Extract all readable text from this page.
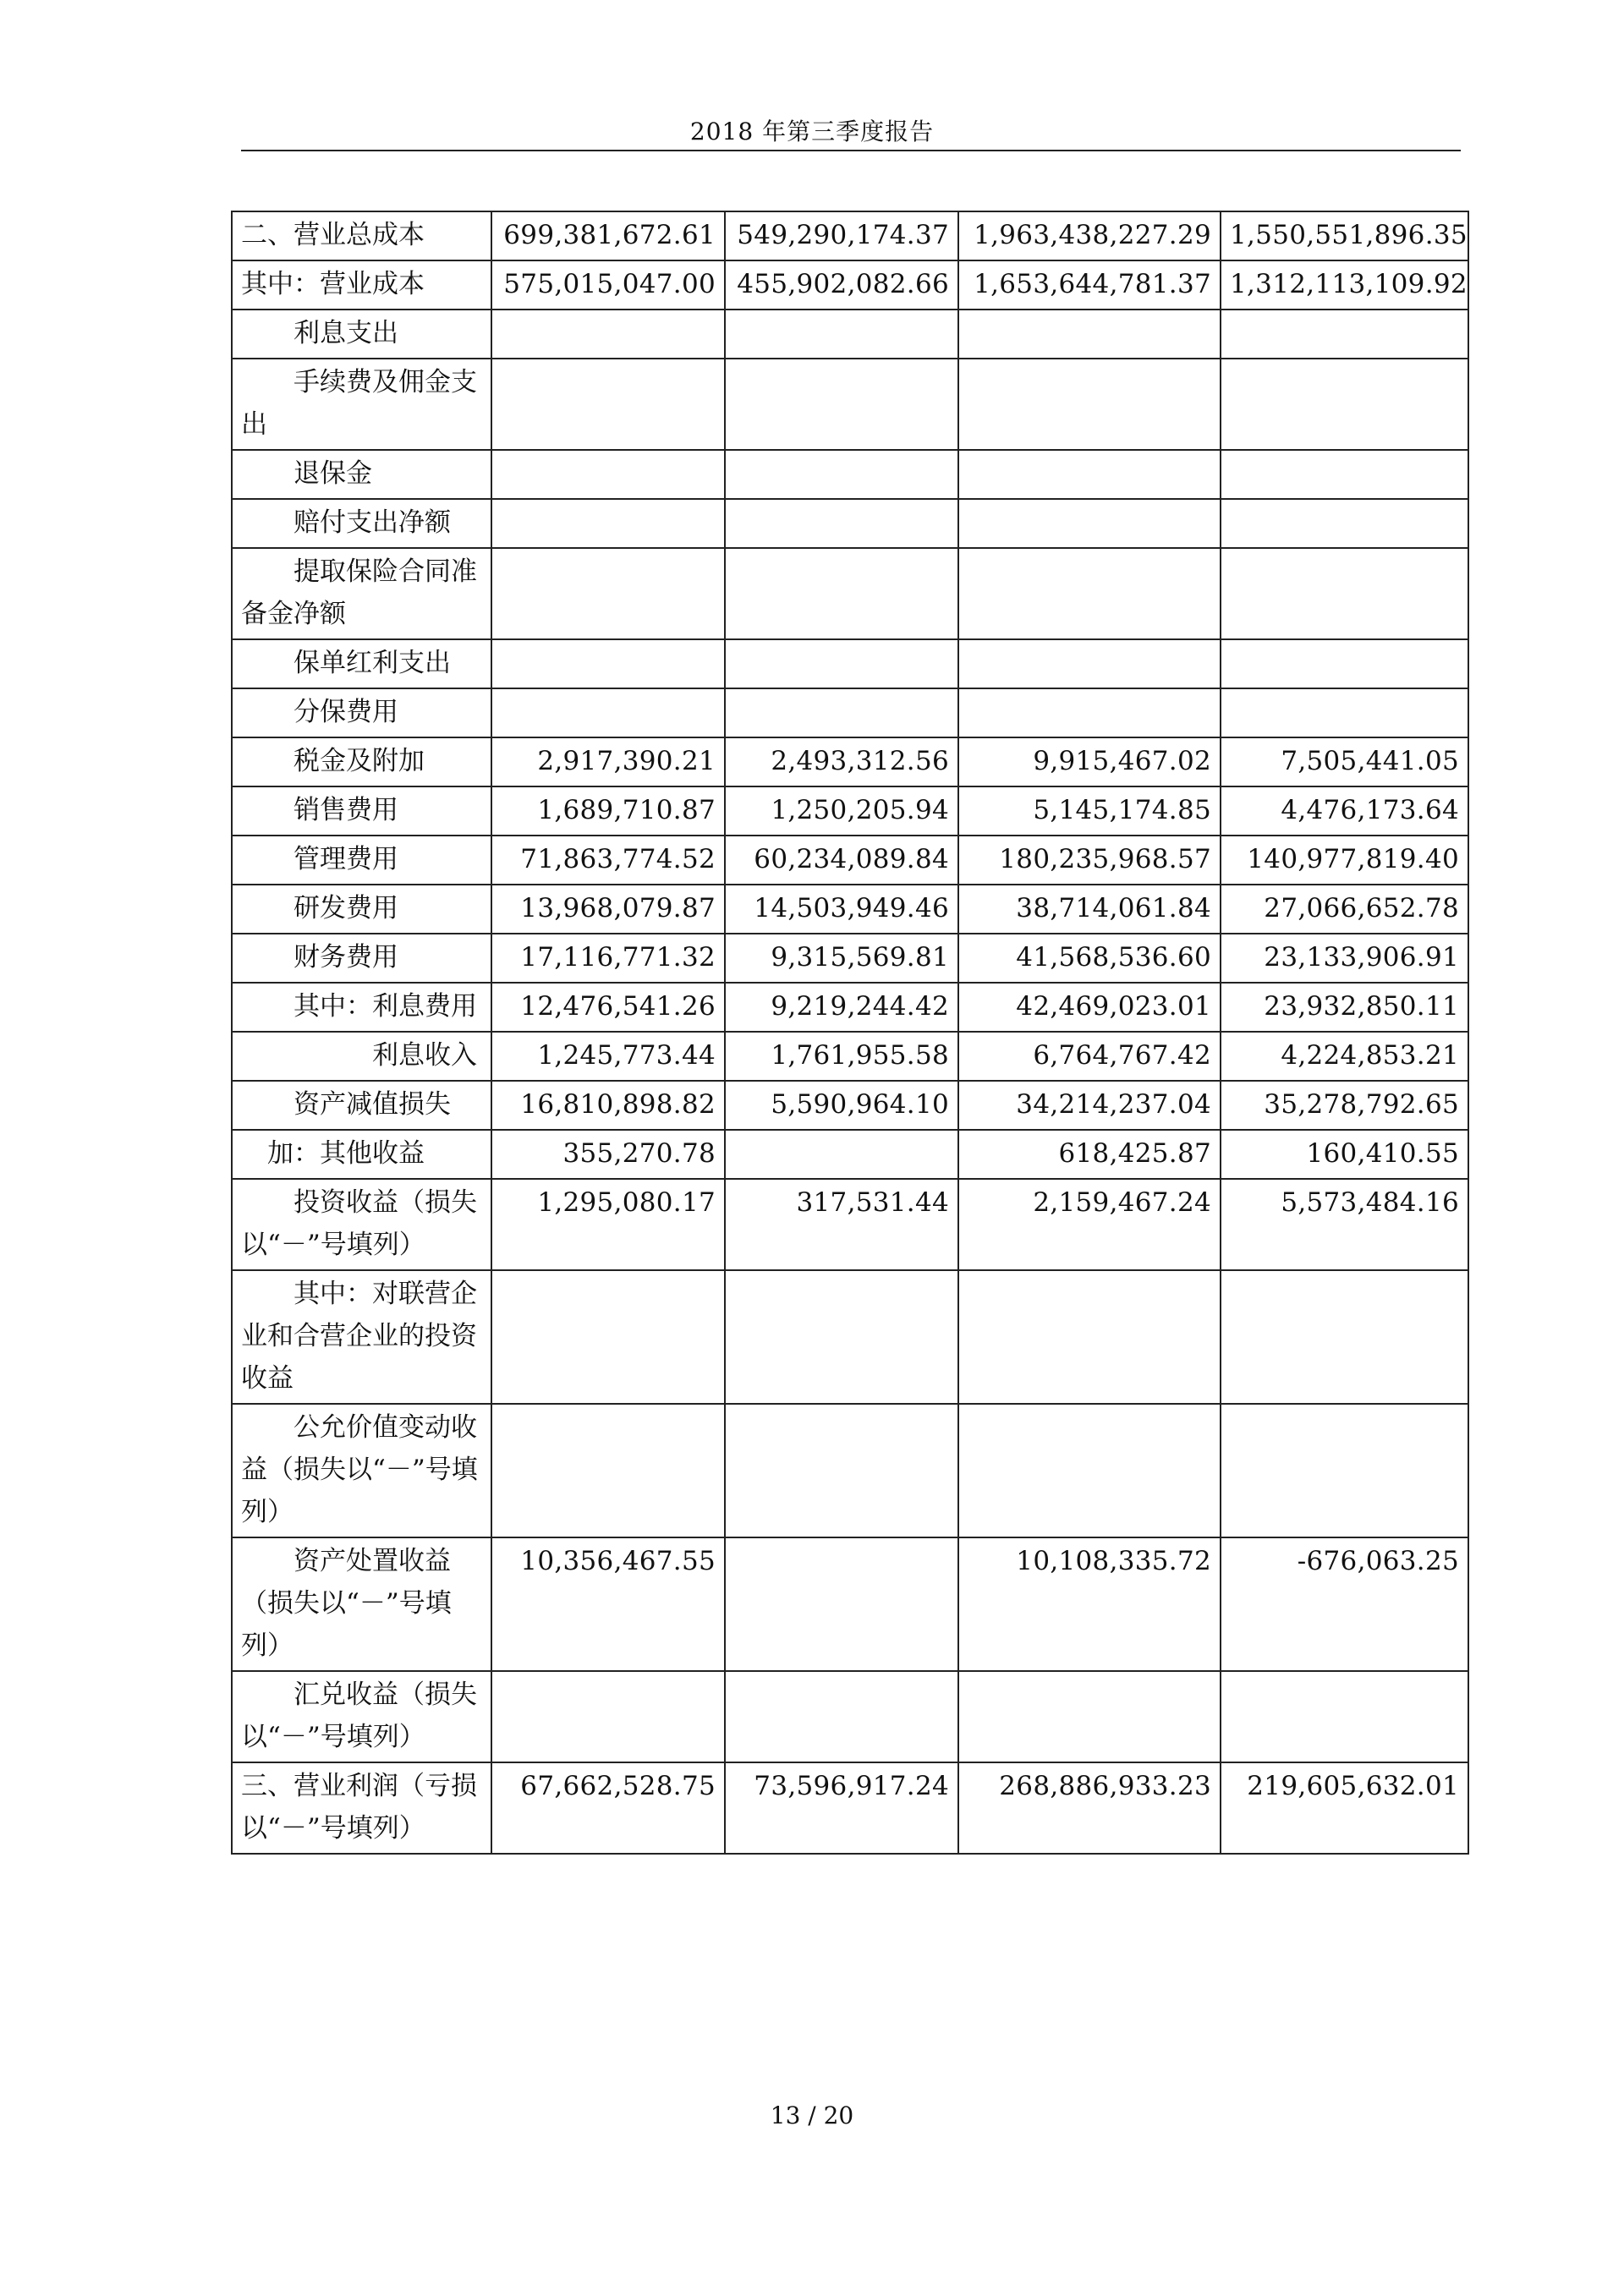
2018 年第三季度报告
二、营业总成本	699,381,672.61	549,290,174.37	1,963,438,227.29	1,550,551,896.35
其中：营业成本	575,015,047.00	455,902,082.66	1,653,644,781.37	1,312,113,109.92
　　利息支出				
　　手续费及佣金支出				
　　退保金				
　　赔付支出净额				
　　提取保险合同准备金净额				
　　保单红利支出				
　　分保费用				
　　税金及附加	2,917,390.21	2,493,312.56	9,915,467.02	7,505,441.05
　　销售费用	1,689,710.87	1,250,205.94	5,145,174.85	4,476,173.64
　　管理费用	71,863,774.52	60,234,089.84	180,235,968.57	140,977,819.40
　　研发费用	13,968,079.87	14,503,949.46	38,714,061.84	27,066,652.78
　　财务费用	17,116,771.32	9,315,569.81	41,568,536.60	23,133,906.91
　　其中：利息费用	12,476,541.26	9,219,244.42	42,469,023.01	23,932,850.11
　　　　　利息收入	1,245,773.44	1,761,955.58	6,764,767.42	4,224,853.21
　　资产减值损失	16,810,898.82	5,590,964.10	34,214,237.04	35,278,792.65
　加：其他收益	355,270.78		618,425.87	160,410.55
　　投资收益（损失以“－”号填列）	1,295,080.17	317,531.44	2,159,467.24	5,573,484.16
　　其中：对联营企业和合营企业的投资收益				
　　公允价值变动收益（损失以“－”号填列）				
　　资产处置收益（损失以“－”号填列）	10,356,467.55		10,108,335.72	-676,063.25
　　汇兑收益（损失以“－”号填列）				
三、营业利润（亏损以“－”号填列）	67,662,528.75	73,596,917.24	268,886,933.23	219,605,632.01
13 / 20
